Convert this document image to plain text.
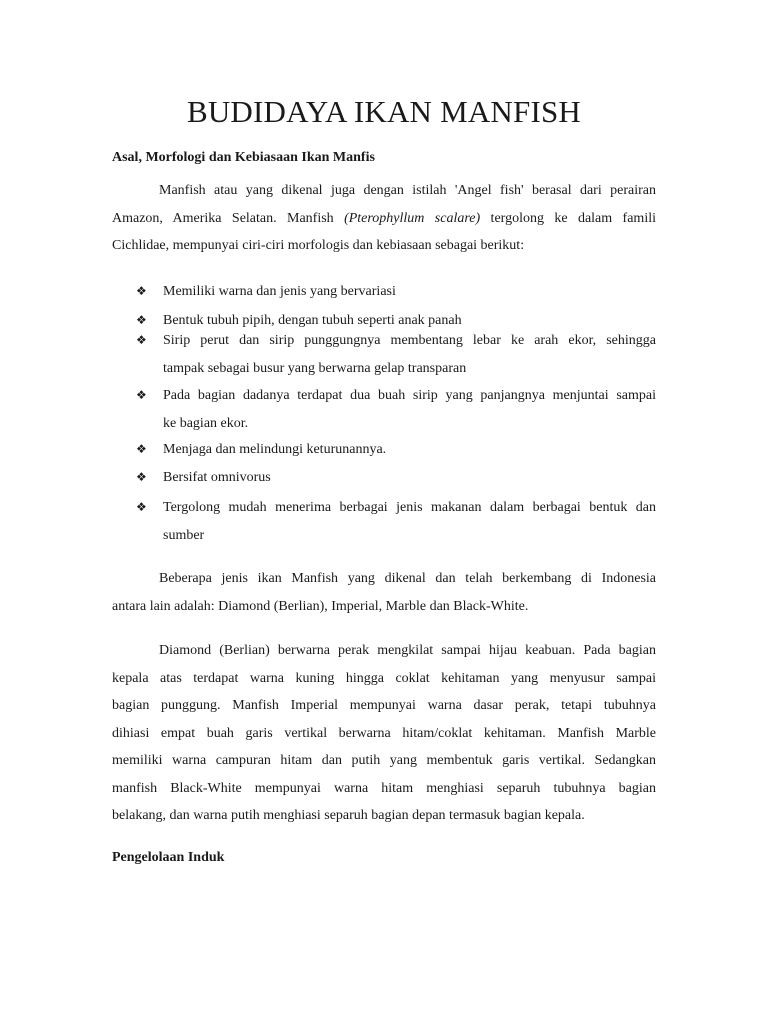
BUDIDAYA IKAN MANFISH
Asal, Morfologi dan Kebiasaan Ikan Manfis
Manfish atau yang dikenal juga dengan istilah 'Angel fish' berasal dari perairan
Amazon, Amerika Selatan. Manfish (Pterophyllum scalare) tergolong ke dalam famili
Cichlidae, mempunyai ciri-ciri morfologis dan kebiasaan sebagai berikut:
❖	Memiliki warna dan jenis yang bervariasi
❖	Bentuk tubuh pipih, dengan tubuh seperti anak panah
❖	Sirip perut dan sirip punggungnya membentang lebar ke arah ekor, sehingga
tampak sebagai busur yang berwarna gelap transparan
❖	Pada bagian dadanya terdapat dua buah sirip yang panjangnya menjuntai sampai
ke bagian ekor.
❖	Menjaga dan melindungi keturunannya.
❖	Bersifat omnivorus
❖	Tergolong mudah menerima berbagai jenis makanan dalam berbagai bentuk dan
sumber
Beberapa jenis ikan Manfish yang dikenal dan telah berkembang di Indonesia
antara lain adalah: Diamond (Berlian), Imperial, Marble dan Black-White.
Diamond (Berlian) berwarna perak mengkilat sampai hijau keabuan. Pada bagian
kepala atas terdapat warna kuning hingga coklat kehitaman yang menyusur sampai
bagian punggung. Manfish Imperial mempunyai warna dasar perak, tetapi tubuhnya
dihiasi empat buah garis vertikal berwarna hitam/coklat kehitaman. Manfish Marble
memiliki warna campuran hitam dan putih yang membentuk garis vertikal. Sedangkan
manfish Black-White mempunyai warna hitam menghiasi separuh tubuhnya bagian
belakang, dan warna putih menghiasi separuh bagian depan termasuk bagian kepala.
Pengelolaan Induk
